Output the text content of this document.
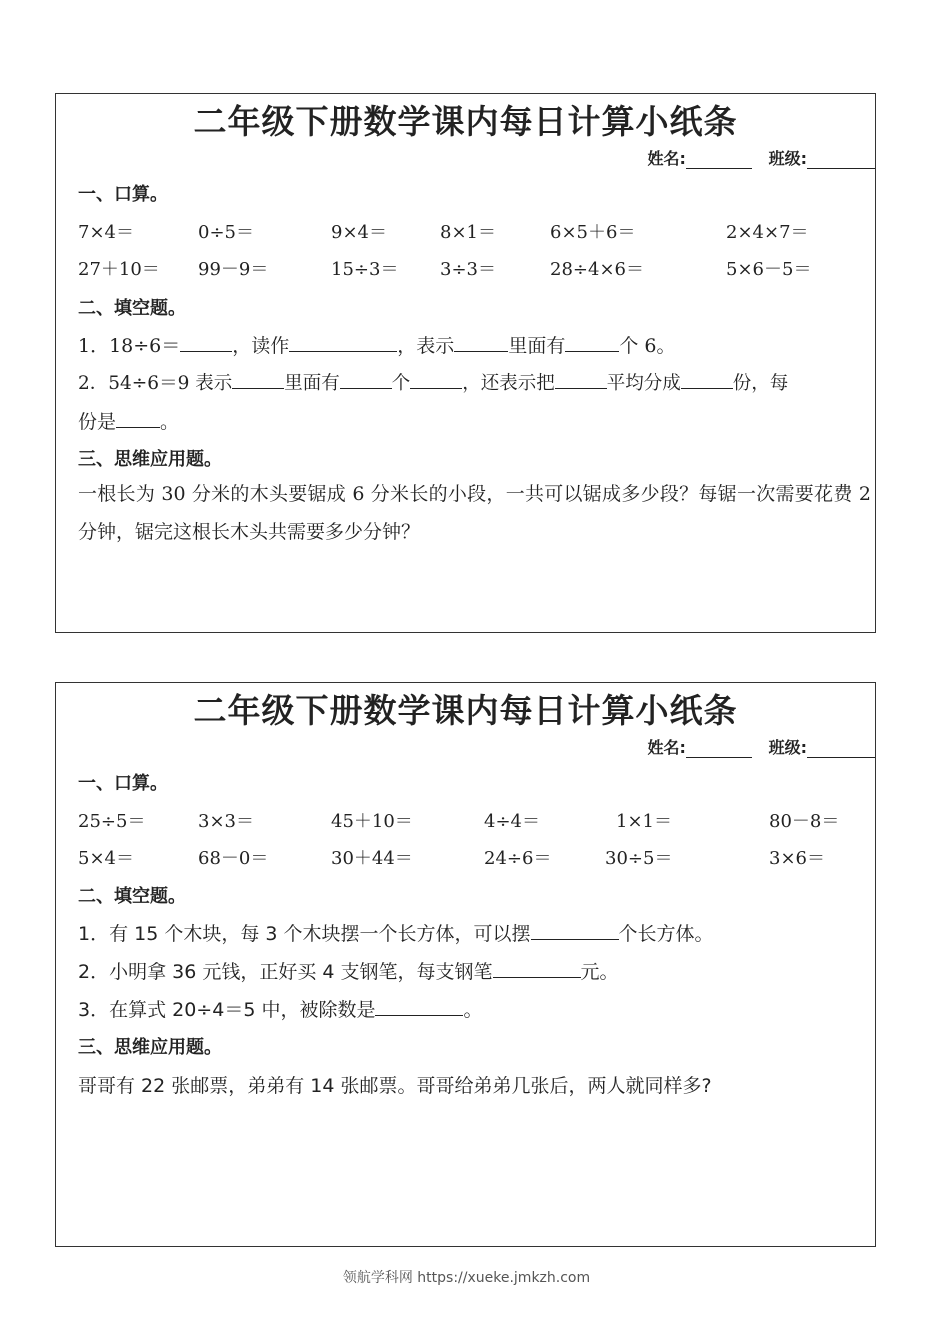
二年级下册数学课内每日计算小纸条
姓名:	班级:
一、口算。
7×4＝	0÷5＝	9×4＝	8×1＝	6×5＋6＝	2×4×7＝
27＋10＝ 99－9＝	15÷3＝ 3÷3＝	28÷4×6＝	5×6－5＝
二、填空题。
1．18÷6＝	，读作	，表示	里面有	个 6。
2．54÷6＝9 表示	里面有	个	，还表示把	平均分成	份，每
份是 。
三、思维应用题。
一根长为 30 分米的木头要锯成 6 分米长的小段，一共可以锯成多少段？每锯一次需要花费 2 分钟，锯完这根长木头共需要多少分钟？
二年级下册数学课内每日计算小纸条
姓名:	班级:
一、口算。
25÷5＝	3×3＝	45＋10＝	4÷4＝	1×1＝	80－8＝
5×4＝	68－0＝	30＋44＝	24÷6＝	30÷5＝	3×6＝
二、填空题。
1．有 15 个木块，每 3 个木块摆一个长方体，可以摆	个长方体。
2．小明拿 36 元钱，正好买 4 支钢笔，每支钢笔	元。
3．在算式 20÷4＝5 中，被除数是	。
三、思维应用题。
哥哥有 22 张邮票，弟弟有 14 张邮票。哥哥给弟弟几张后，两人就同样多?
领航学科网 https://xueke.jmkzh.com
